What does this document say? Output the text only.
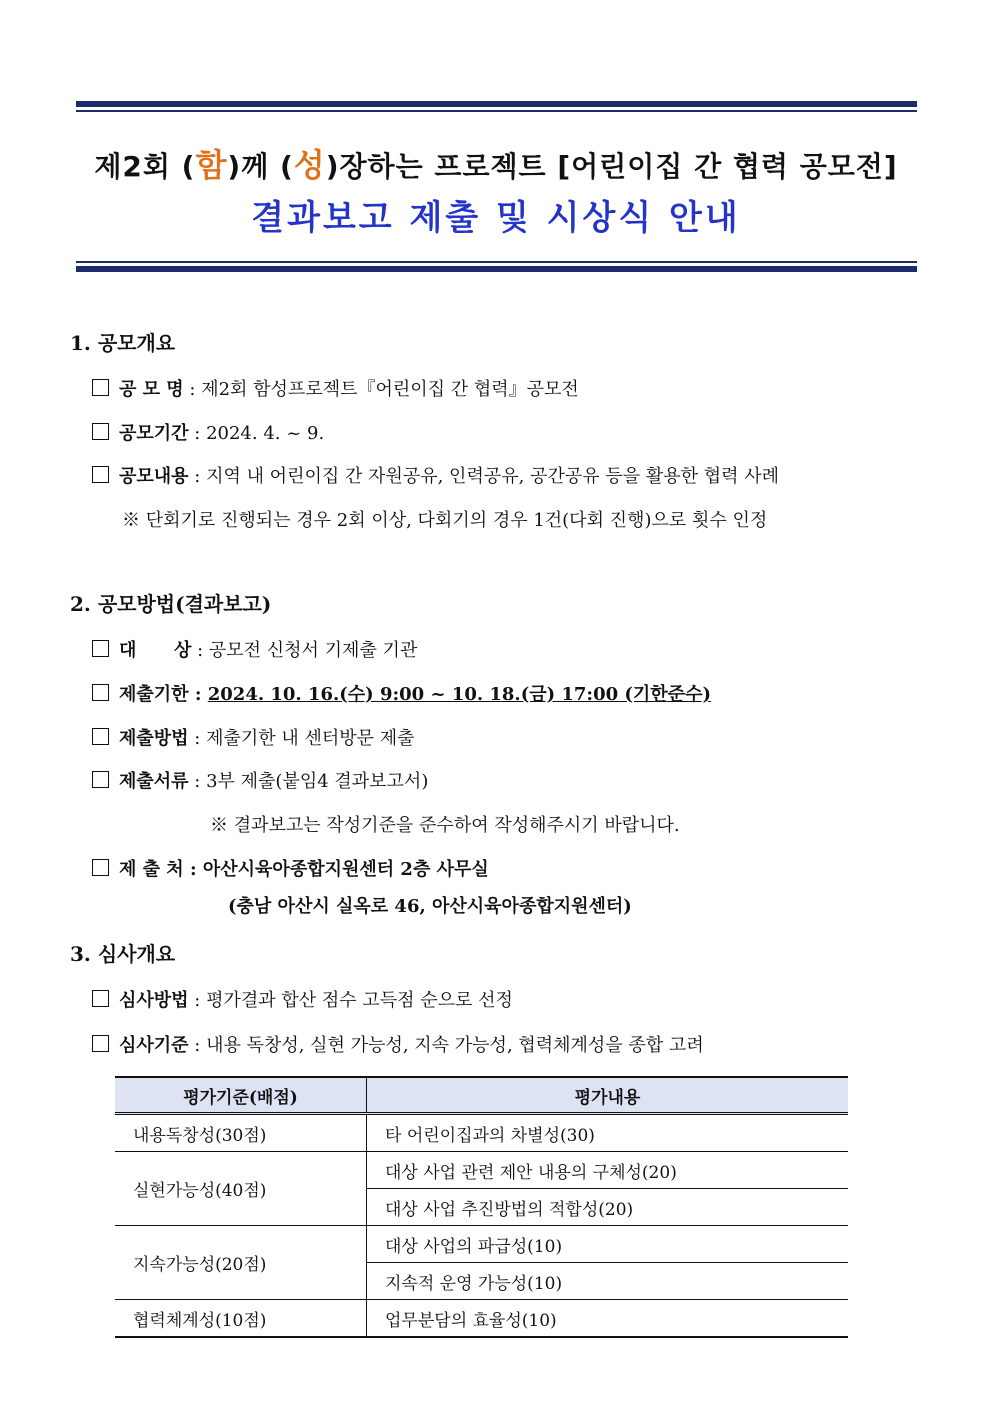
제2회 (함)께 (성)장하는 프로젝트 [어린이집 간 협력 공모전]
결과보고 제출 및 시상식 안내
1. 공모개요
공 모 명 : 제2회 함성프로젝트『어린이집 간 협력』공모전
공모기간 : 2024. 4. ~ 9.
공모내용 : 지역 내 어린이집 간 자원공유, 인력공유, 공간공유 등을 활용한 협력 사례
※ 단회기로 진행되는 경우 2회 이상, 다회기의 경우 1건(다회 진행)으로 횟수 인정
2. 공모방법(결과보고)
대      상 : 공모전 신청서 기제출 기관
제출기한 : 2024. 10. 16.(수) 9:00 ~ 10. 18.(금) 17:00 (기한준수)
제출방법 : 제출기한 내 센터방문 제출
제출서류 : 3부 제출(붙임4 결과보고서)
※ 결과보고는 작성기준을 준수하여 작성해주시기 바랍니다.
제 출 처 : 아산시육아종합지원센터 2층 사무실
(충남 아산시 실옥로 46, 아산시육아종합지원센터)
3. 심사개요
심사방법 : 평가결과 합산 점수 고득점 순으로 선정
심사기준 : 내용 독창성, 실현 가능성, 지속 가능성, 협력체계성을 종합 고려
평가기준(배점)	평가내용
내용독창성(30점)	타 어린이집과의 차별성(30)
실현가능성(40점)	대상 사업 관련 제안 내용의 구체성(20)
	대상 사업 추진방법의 적합성(20)
지속가능성(20점)	대상 사업의 파급성(10)
	지속적 운영 가능성(10)
협력체계성(10점)	업무분담의 효율성(10)
